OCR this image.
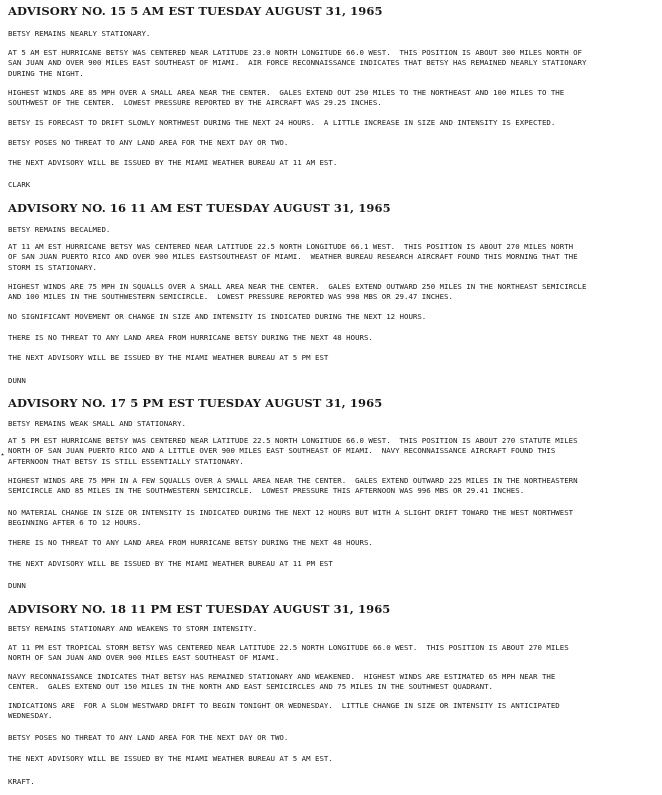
ADVISORY NO. 15 5 AM EST TUESDAY AUGUST 31, 1965

BETSY REMAINS NEARLY STATIONARY.

AT 5 AM EST HURRICANE BETSY WAS CENTERED NEAR LATITUDE 23.0 NORTH LONGITUDE 66.0 WEST.  THIS POSITION IS ABOUT 300 MILES NORTH OF
SAN JUAN AND OVER 900 MILES EAST SOUTHEAST OF MIAMI.  AIR FORCE RECONNAISSANCE INDICATES THAT BETSY HAS REMAINED NEARLY STATIONARY
DURING THE NIGHT.

HIGHEST WINDS ARE 85 MPH OVER A SMALL AREA NEAR THE CENTER.  GALES EXTEND OUT 250 MILES TO THE NORTHEAST AND 100 MILES TO THE
SOUTHWEST OF THE CENTER.  LOWEST PRESSURE REPORTED BY THE AIRCRAFT WAS 29.25 INCHES.

BETSY IS FORECAST TO DRIFT SLOWLY NORTHWEST DURING THE NEXT 24 HOURS.  A LITTLE INCREASE IN SIZE AND INTENSITY IS EXPECTED.

BETSY POSES NO THREAT TO ANY LAND AREA FOR THE NEXT DAY OR TWO.

THE NEXT ADVISORY WILL BE ISSUED BY THE MIAMI WEATHER BUREAU AT 11 AM EST.

CLARK

ADVISORY NO. 16 11 AM EST TUESDAY AUGUST 31, 1965

BETSY REMAINS BECALMED.

AT 11 AM EST HURRICANE BETSY WAS CENTERED NEAR LATITUDE 22.5 NORTH LONGITUDE 66.1 WEST.  THIS POSITION IS ABOUT 270 MILES NORTH
OF SAN JUAN PUERTO RICO AND OVER 900 MILES EASTSOUTHEAST OF MIAMI.  WEATHER BUREAU RESEARCH AIRCRAFT FOUND THIS MORNING THAT THE
STORM IS STATIONARY.

HIGHEST WINDS ARE 75 MPH IN SQUALLS OVER A SMALL AREA NEAR THE CENTER.  GALES EXTEND OUTWARD 250 MILES IN THE NORTHEAST SEMICIRCLE
AND 100 MILES IN THE SOUTHWESTERN SEMICIRCLE.  LOWEST PRESSURE REPORTED WAS 998 MBS OR 29.47 INCHES.

NO SIGNIFICANT MOVEMENT OR CHANGE IN SIZE AND INTENSITY IS INDICATED DURING THE NEXT 12 HOURS.

THERE IS NO THREAT TO ANY LAND AREA FROM HURRICANE BETSY DURING THE NEXT 48 HOURS.

THE NEXT ADVISORY WILL BE ISSUED BY THE MIAMI WEATHER BUREAU AT 5 PM EST

DUNN

ADVISORY NO. 17 5 PM EST TUESDAY AUGUST 31, 1965

BETSY REMAINS WEAK SMALL AND STATIONARY.

AT 5 PM EST HURRICANE BETSY WAS CENTERED NEAR LATITUDE 22.5 NORTH LONGITUDE 66.0 WEST.  THIS POSITION IS ABOUT 270 STATUTE MILES
NORTH OF SAN JUAN PUERTO RICO AND A LITTLE OVER 900 MILES EAST SOUTHEAST OF MIAMI.  NAVY RECONNAISSANCE AIRCRAFT FOUND THIS
AFTERNOON THAT BETSY IS STILL ESSENTIALLY STATIONARY.

⋆

HIGHEST WINDS ARE 75 MPH IN A FEW SQUALLS OVER A SMALL AREA NEAR THE CENTER.  GALES EXTEND OUTWARD 225 MILES IN THE NORTHEASTERN
SEMICIRCLE AND 85 MILES IN THE SOUTHWESTERN SEMICIRCLE.  LOWEST PRESSURE THIS AFTERNOON WAS 996 MBS OR 29.41 INCHES.

NO MATERIAL CHANGE IN SIZE OR INTENSITY IS INDICATED DURING THE NEXT 12 HOURS BUT WITH A SLIGHT DRIFT TOWARD THE WEST NORTHWEST
BEGINNING AFTER 6 TO 12 HOURS.

THERE IS NO THREAT TO ANY LAND AREA FROM HURRICANE BETSY DURING THE NEXT 48 HOURS.

THE NEXT ADVISORY WILL BE ISSUED BY THE MIAMI WEATHER BUREAU AT 11 PM EST

DUNN

ADVISORY NO. 18 11 PM EST TUESDAY AUGUST 31, 1965

BETSY REMAINS STATIONARY AND WEAKENS TO STORM INTENSITY.

AT 11 PM EST TROPICAL STORM BETSY WAS CENTERED NEAR LATITUDE 22.5 NORTH LONGITUDE 66.0 WEST.  THIS POSITION IS ABOUT 270 MILES
NORTH OF SAN JUAN AND OVER 900 MILES EAST SOUTHEAST OF MIAMI.

NAVY RECONNAISSANCE INDICATES THAT BETSY HAS REMAINED STATIONARY AND WEAKENED.  HIGHEST WINDS ARE ESTIMATED 65 MPH NEAR THE
CENTER.  GALES EXTEND OUT 150 MILES IN THE NORTH AND EAST SEMICIRCLES AND 75 MILES IN THE SOUTHWEST QUADRANT.

INDICATIONS ARE  FOR A SLOW WESTWARD DRIFT TO BEGIN TONIGHT OR WEDNESDAY.  LITTLE CHANGE IN SIZE OR INTENSITY IS ANTICIPATED
WEDNESDAY.

BETSY POSES NO THREAT TO ANY LAND AREA FOR THE NEXT DAY OR TWO.

THE NEXT ADVISORY WILL BE ISSUED BY THE MIAMI WEATHER BUREAU AT 5 AM EST.

KRAFT.
